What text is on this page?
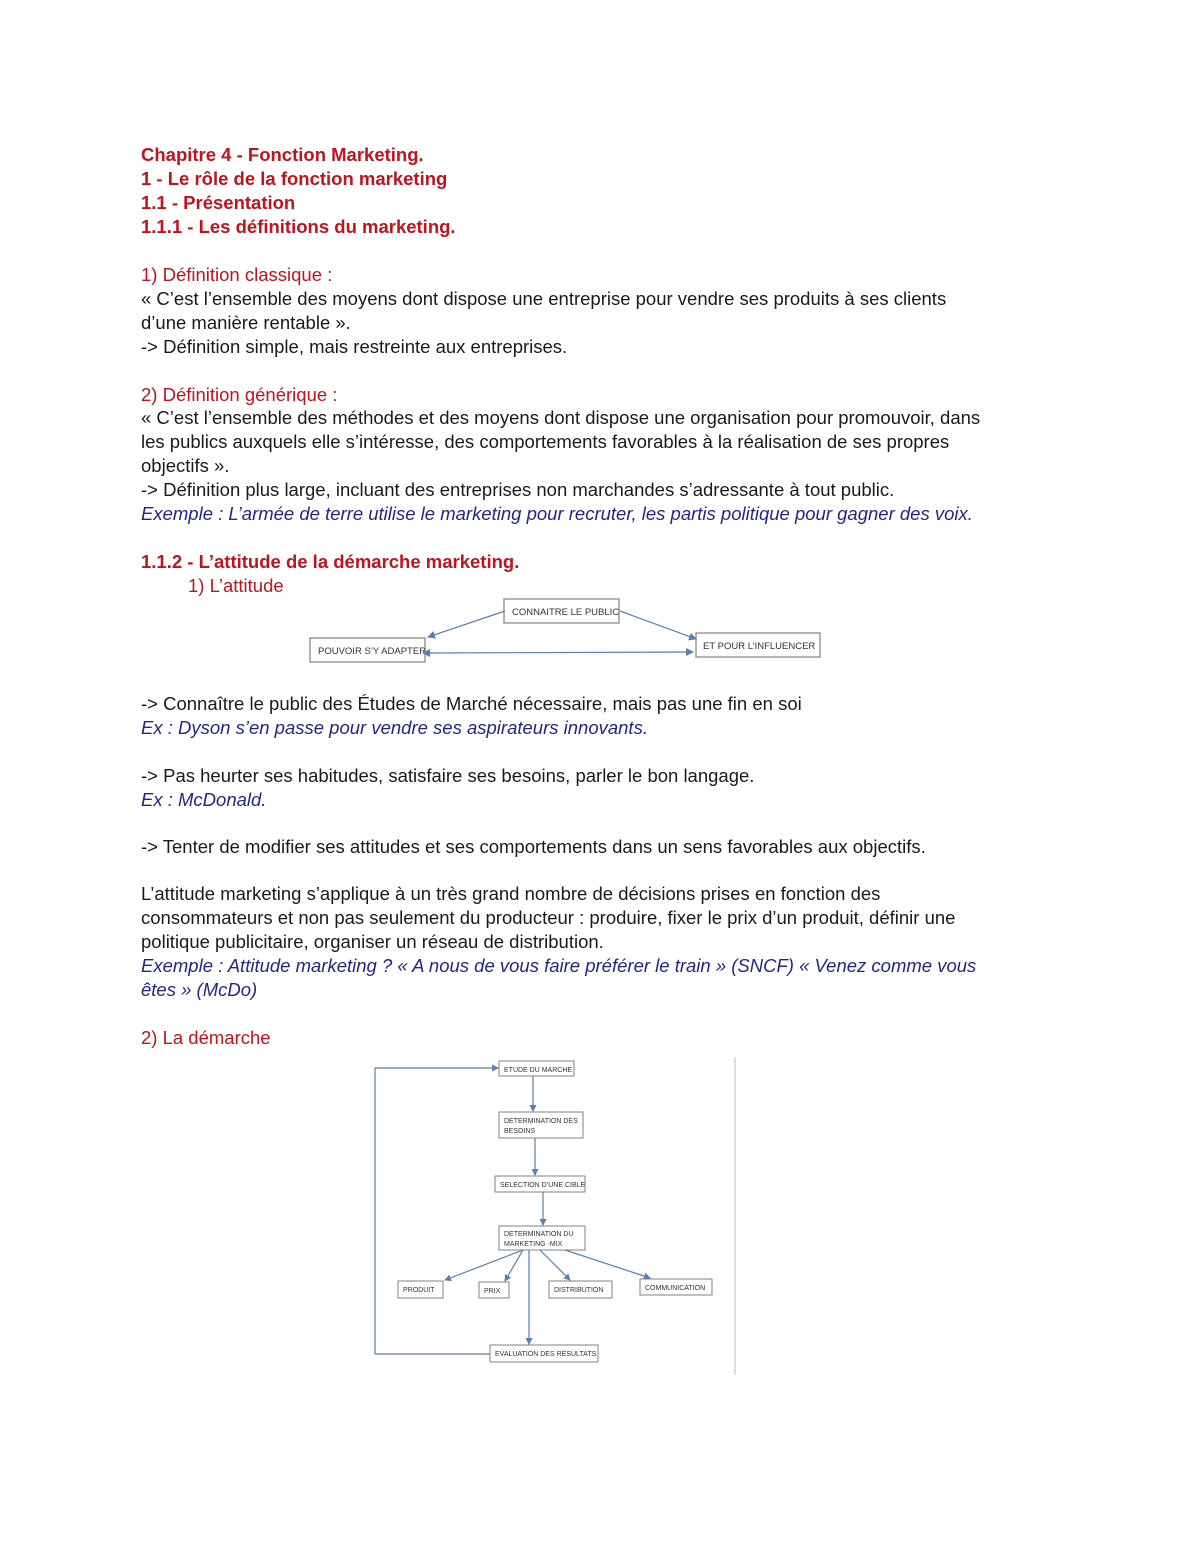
Chapitre 4 - Fonction Marketing.
1 - Le rôle de la fonction marketing
1.1 - Présentation
1.1.1 - Les définitions du marketing.
1) Définition classique :
« C’est l’ensemble des moyens dont dispose une entreprise pour vendre ses produits à ses clients
d’une manière rentable ».
-> Définition simple, mais restreinte aux entreprises.
2) Définition générique :
« C’est l’ensemble des méthodes et des moyens dont dispose une organisation pour promouvoir, dans
les publics auxquels elle s’intéresse, des comportements favorables à la réalisation de ses propres
objectifs ».
-> Définition plus large, incluant des entreprises non marchandes s’adressante à tout public.
Exemple : L’armée de terre utilise le marketing pour recruter, les partis politique pour gagner des voix.
1.1.2 - L’attitude de la démarche marketing.
1) L’attitude
CONNAITRE LE PUBLIC
POUVOIR S’Y ADAPTER	ET POUR L’INFLUENCER
-> Connaître le public des Études de Marché nécessaire, mais pas une fin en soi
Ex : Dyson s’en passe pour vendre ses aspirateurs innovants.
-> Pas heurter ses habitudes, satisfaire ses besoins, parler le bon langage.
Ex : McDonald.
-> Tenter de modifier ses attitudes et ses comportements dans un sens favorables aux objectifs.
L’attitude marketing s’applique à un très grand nombre de décisions prises en fonction des
consommateurs et non pas seulement du producteur : produire, fixer le prix d’un produit, définir une
politique publicitaire, organiser un réseau de distribution.
Exemple : Attitude marketing ? « A nous de vous faire préférer le train » (SNCF) « Venez comme vous
êtes » (McDo)
2) La démarche
ETUDE DU MARCHE
DETERMINATION DES
BESOINS
SELECTION D’UNE CIBLE
DETERMINATION DU
MARKETING -MIX
PRODUIT	PRIX	DISTRIBUTION	COMMUNICATION
EVALUATION DES RESULTATS
